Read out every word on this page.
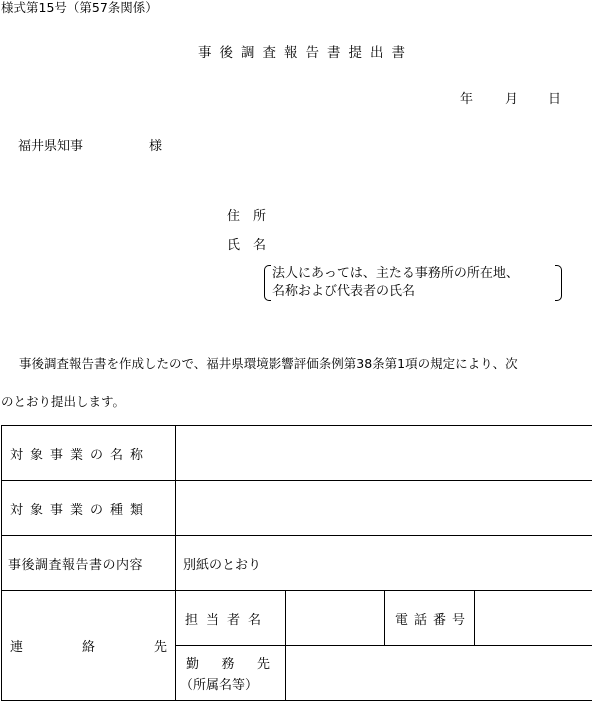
様式第15号（第57条関係）
事後調査報告書提出書
年 月 日
福井県知事	様
住　所
氏　名
法人にあっては、主たる事務所の所在地、
名称および代表者の氏名
事後調査報告書を作成したので、福井県環境影響評価条例第38条第1項の規定により、次
のとおり提出します。
対象事業の名称				
対象事業の種類				
事後調査報告書の内容	別紙のとおり			

連 絡 先	担当者名		電話番号	

	勤 務 先
（所属名等）			
